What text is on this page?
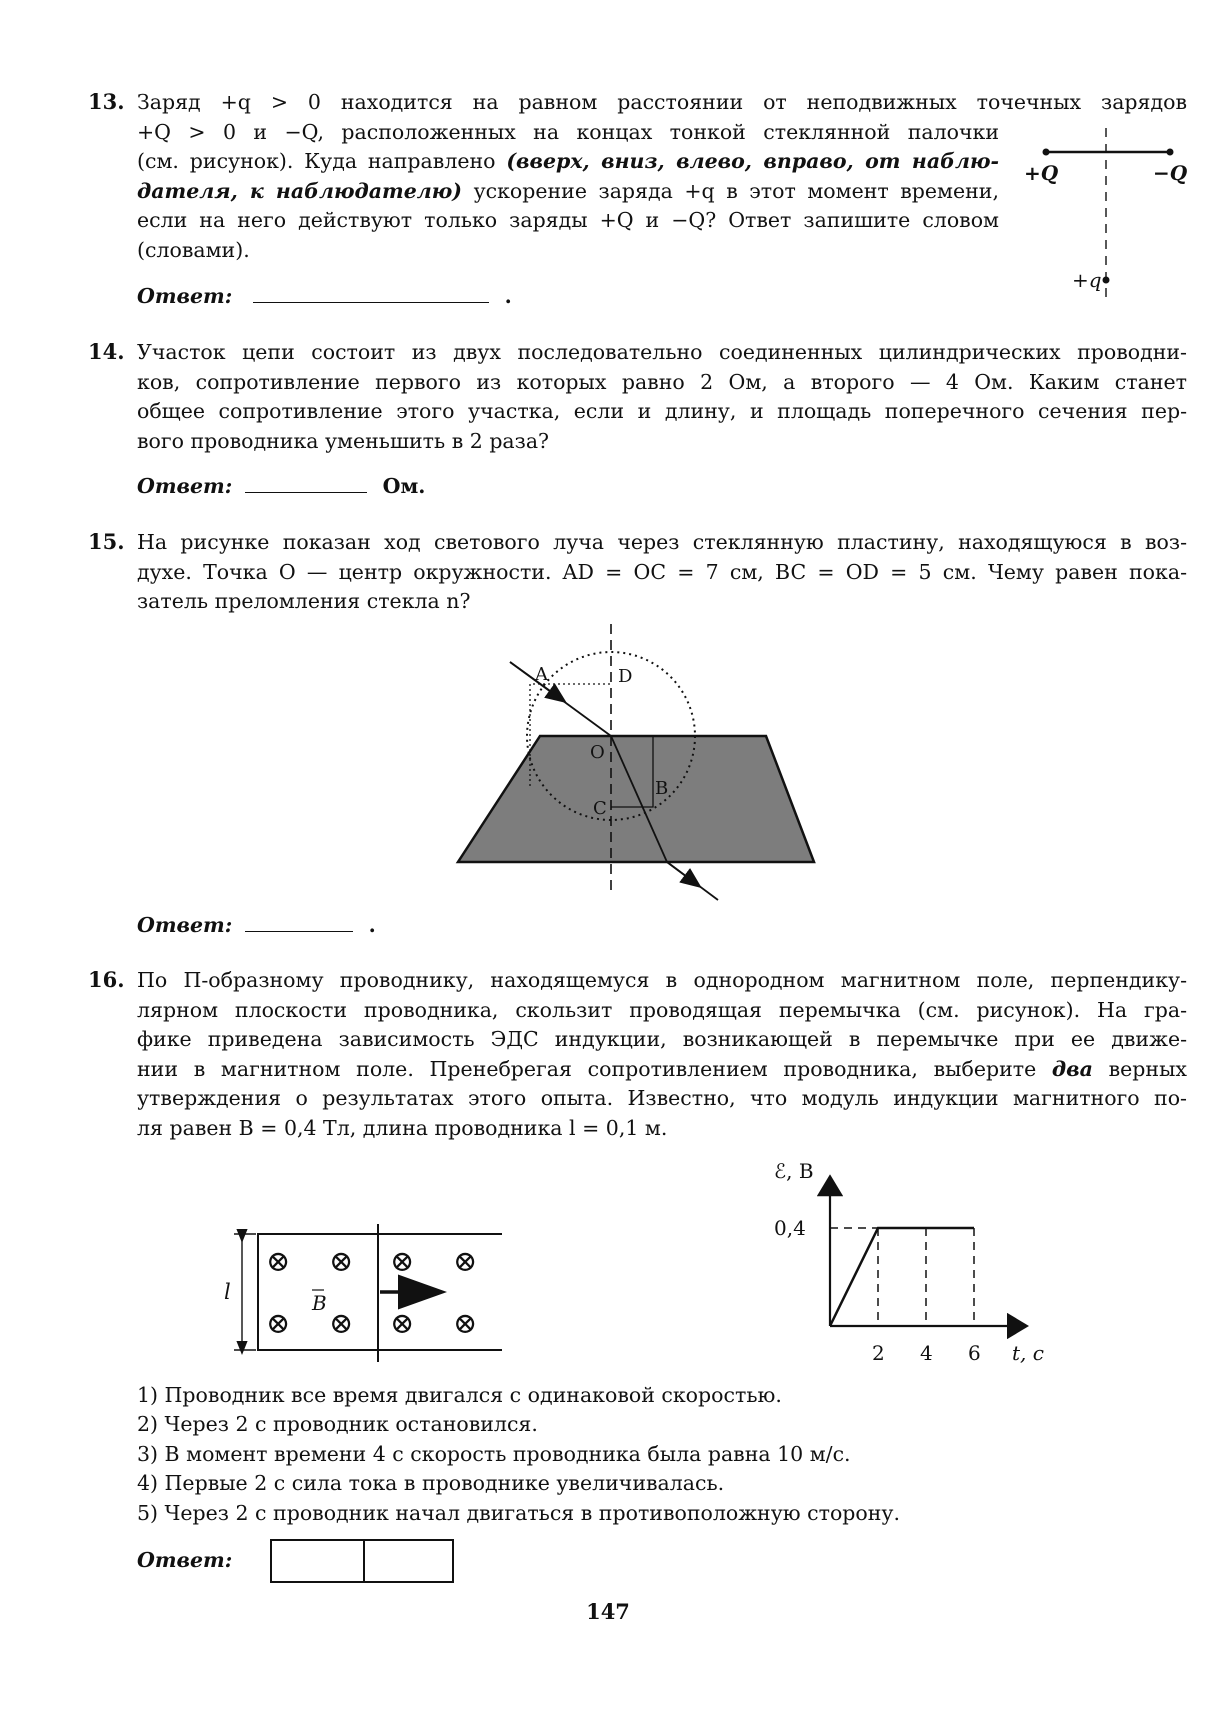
13. Заряд +q > 0 находится на равном расстоянии от неподвижных точечных зарядов
+Q > 0 и −Q, расположенных на концах тонкой стеклянной палочки
(см. рисунок). Куда направлено (вверх, вниз, влево, вправо, от наблю-
дателя, к наблюдателю) ускорение заряда +q в этот момент времени,
если на него действуют только заряды +Q и −Q? Ответ запишите словом
(словами).
Ответ:	.
+Q	−Q
+q
14. Участок цепи состоит из двух последовательно соединенных цилиндрических проводни-
ков, сопротивление первого из которых равно 2 Ом, а второго — 4 Ом. Каким станет
общее сопротивление этого участка, если и длину, и площадь поперечного сечения пер-
вого проводника уменьшить в 2 раза?
Ответ:	Ом.
15. На рисунке показан ход светового луча через стеклянную пластину, находящуюся в воз-
духе. Точка O — центр окружности. AD = OC = 7 см, BC = OD = 5 см. Чему равен пока-
затель преломления стекла n?
A	D
O
B
C
Ответ:	.
16. По П-образному проводнику, находящемуся в однородном магнитном поле, перпендику-
лярном плоскости проводника, скользит проводящая перемычка (см. рисунок). На гра-
фике приведена зависимость ЭДС индукции, возникающей в перемычке при ее движе-
нии в магнитном поле. Пренебрегая сопротивлением проводника, выберите два верных
утверждения о результатах этого опыта. Известно, что модуль индукции магнитного по-
ля равен B = 0,4 Тл, длина проводника l = 0,1 м.
l	B
⊗ ⊗ ⊗ ⊗
⊗ ⊗ ⊗ ⊗
ℰ, В
t, c
2 4 6
0,4
1) Проводник все время двигался с одинаковой скоростью.
2) Через 2 с проводник остановился.
3) В момент времени 4 с скорость проводника была равна 10 м/с.
4) Первые 2 с сила тока в проводнике увеличивалась.
5) Через 2 с проводник начал двигаться в противоположную сторону.
Ответ:
147
